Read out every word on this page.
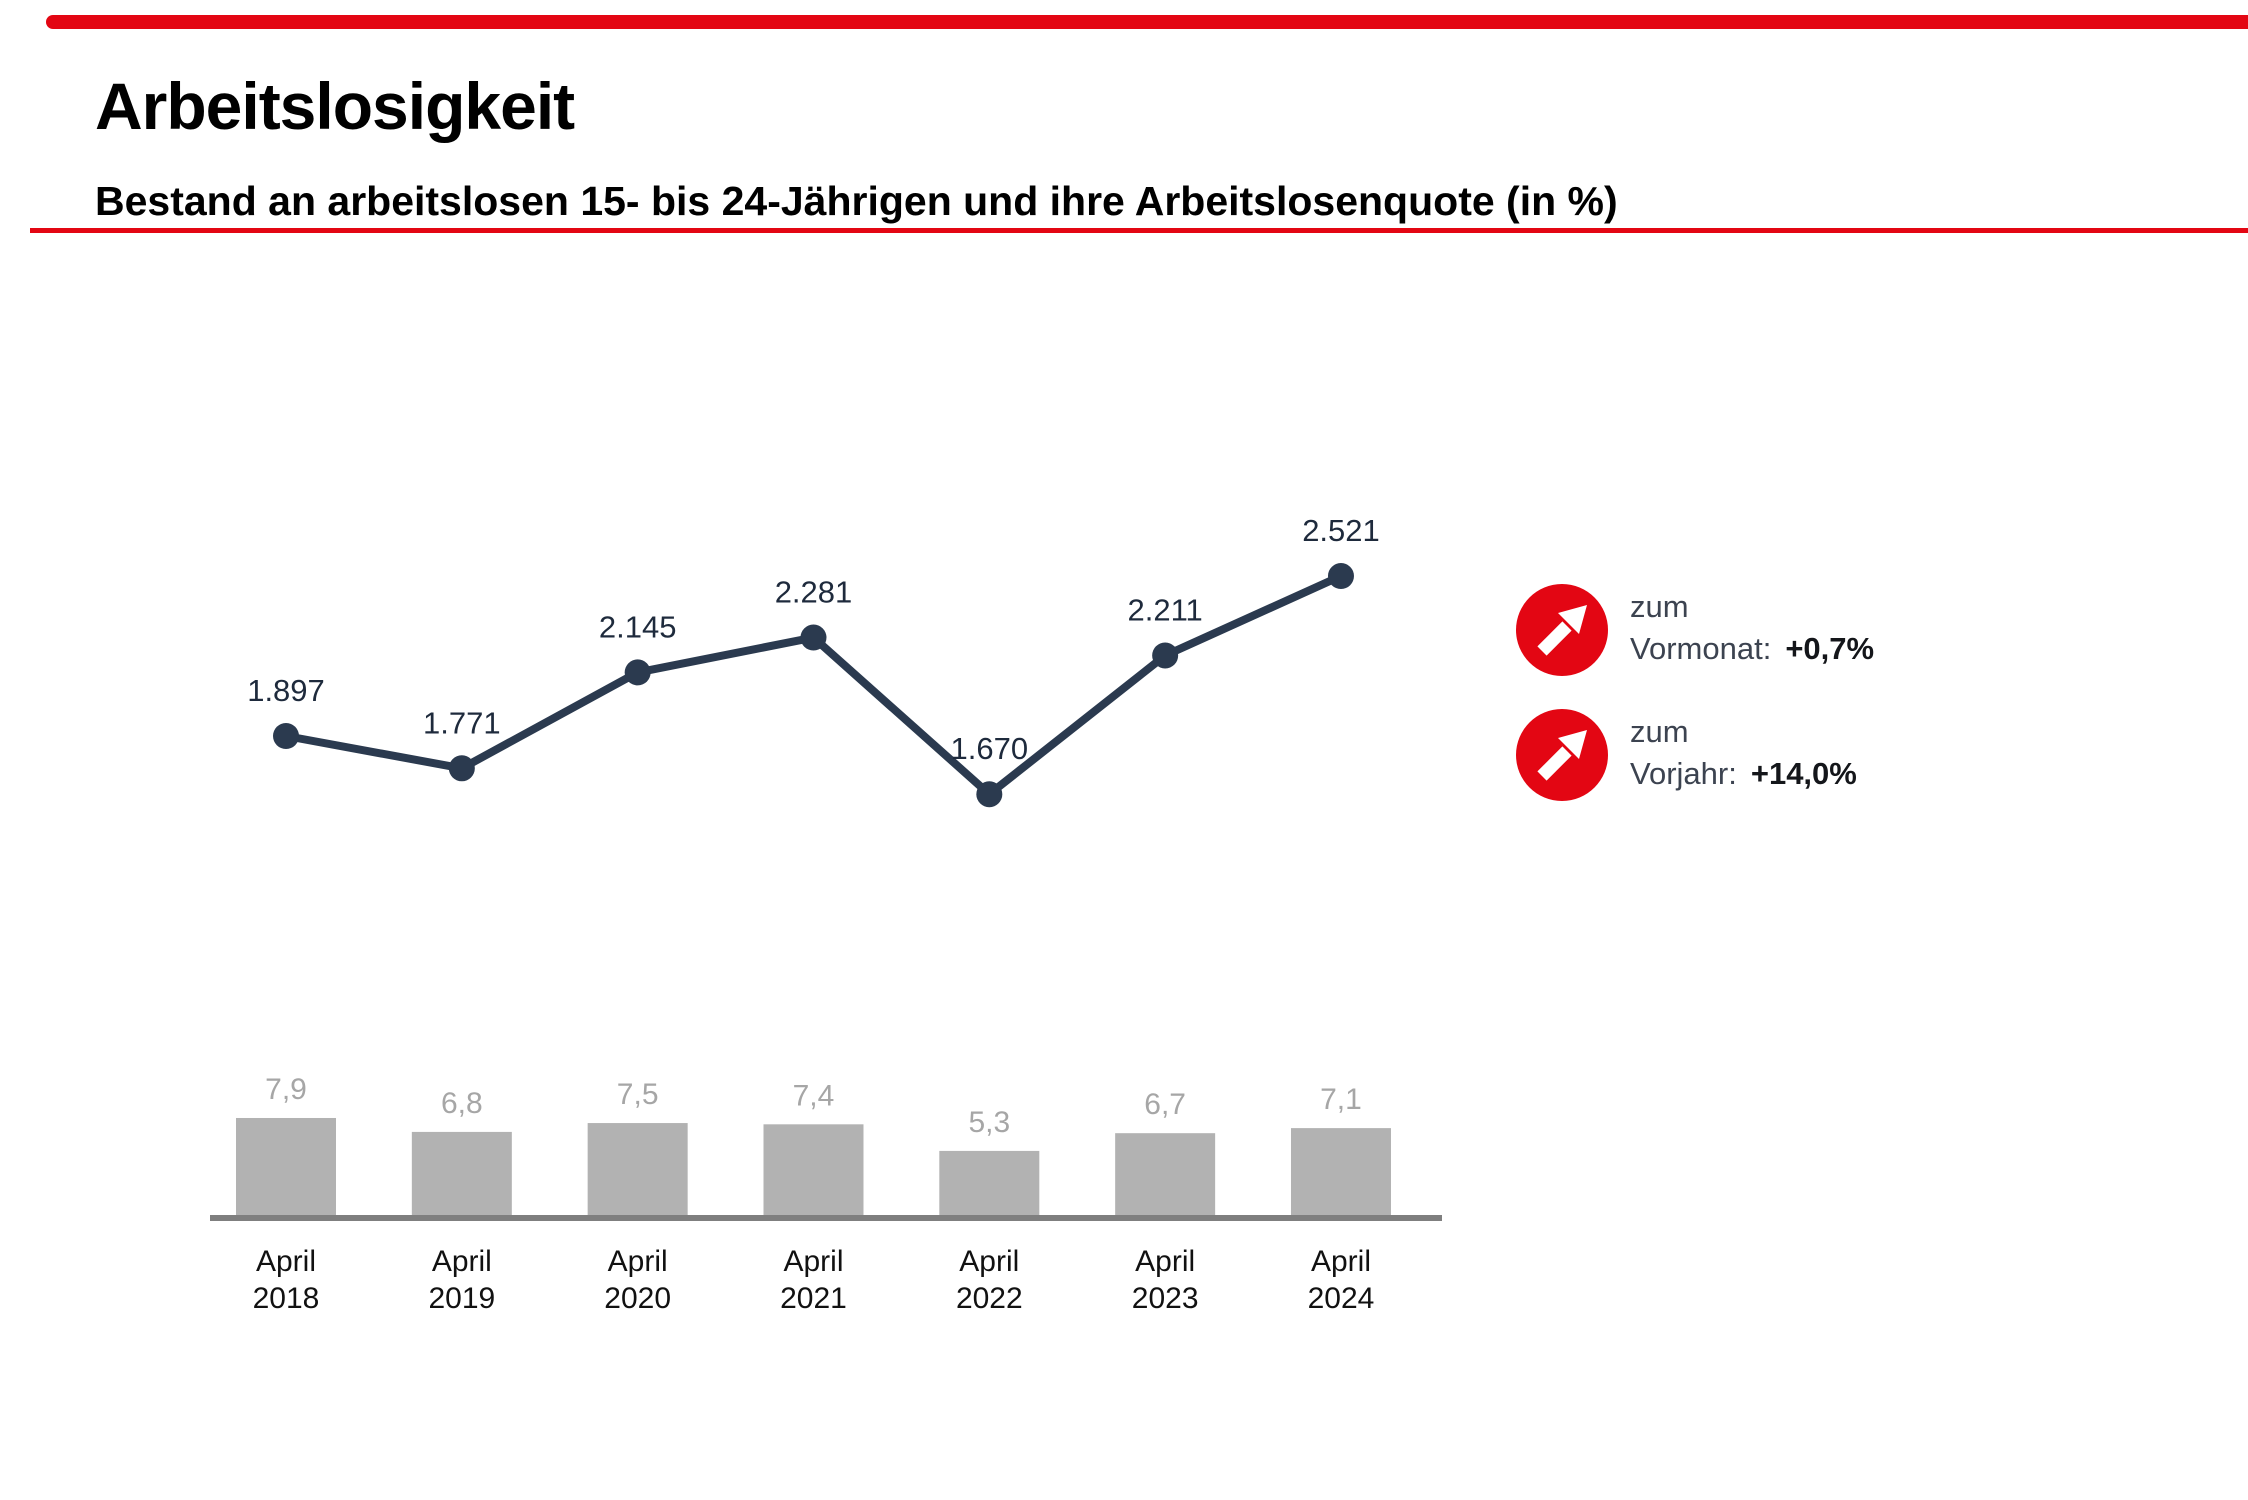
Arbeitslosigkeit
Bestand an arbeitslosen 15- bis 24-Jährigen und ihre Arbeitslosenquote (in %)
7,9	6,8	7,5	7,4
5,3
6,7	7,1
April
2018
April
2019
April
2020
April
2021
April
2022
April
2023
April
2024
1.897
1.771
2.145
2.281
1.670
2.211
2.521
zum
Vormonat: +0,7%
zum
Vorjahr: +14,0%
